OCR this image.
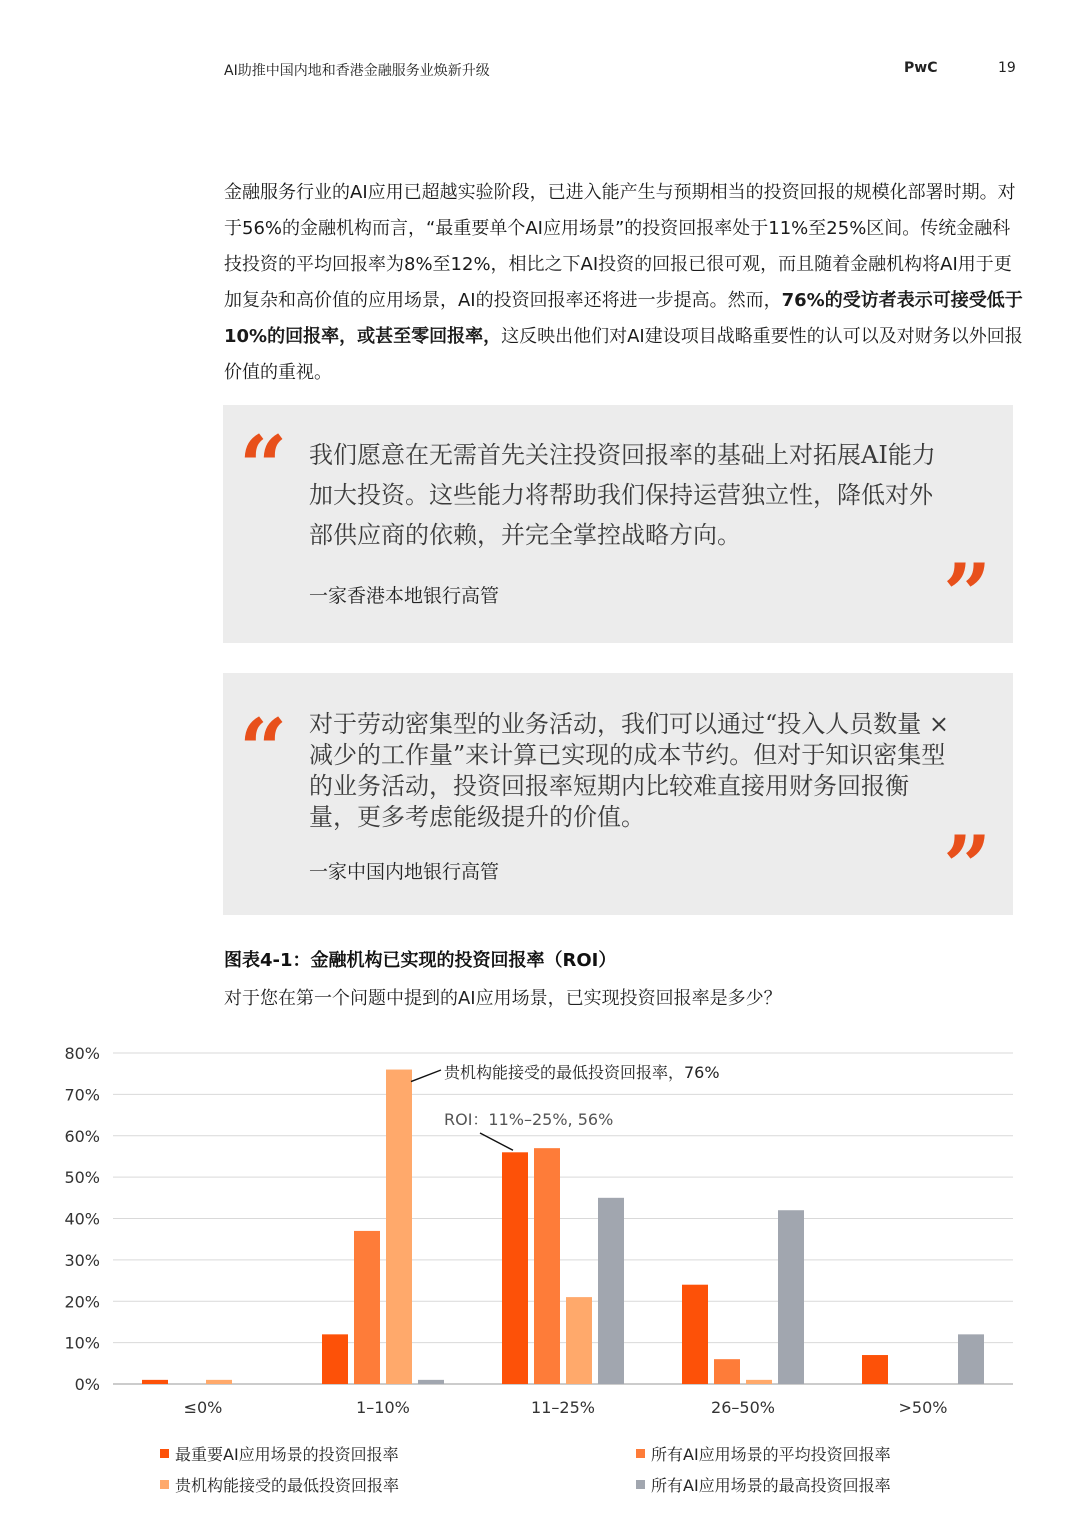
AI助推中国内地和香港金融服务业焕新升级	PwC	19
金融服务行业的AI应用已超越实验阶段，已进入能产生与预期相当的投资回报的规模化部署时期。对于56%的金融机构而言，“最重要单个AI应用场景”的投资回报率处于11%至25%区间。传统金融科技投资的平均回报率为8%至12%，相比之下AI投资的回报已很可观，而且随着金融机构将AI用于更加复杂和高价值的应用场景，AI的投资回报率还将进一步提高。然而，76%的受访者表示可接受低于10%的回报率，或甚至零回报率，这反映出他们对AI建设项目战略重要性的认可以及对财务以外回报价值的重视。
“ 我们愿意在无需首先关注投资回报率的基础上对拓展AI能力加大投资。这些能力将帮助我们保持运营独立性，降低对外部供应商的依赖，并完全掌控战略方向。
一家香港本地银行高管	”
“ 对于劳动密集型的业务活动，我们可以通过“投入人员数量 × 减少的工作量”来计算已实现的成本节约。但对于知识密集型的业务活动，投资回报率短期内比较难直接用财务回报衡量，更多考虑能级提升的价值。
一家中国内地银行高管	”
图表4-1：金融机构已实现的投资回报率（ROI）
对于您在第一个问题中提到的AI应用场景，已实现投资回报率是多少？
0%
10%
20%
30%
40%
50%
60%
70%
80%
≤0%	1–10%	11–25%	26–50%	>50%
贵机构能接受的最低投资回报率，76%
ROI：11%–25%, 56%
最重要AI应用场景的投资回报率	所有AI应用场景的平均投资回报率
贵机构能接受的最低投资回报率	所有AI应用场景的最高投资回报率
